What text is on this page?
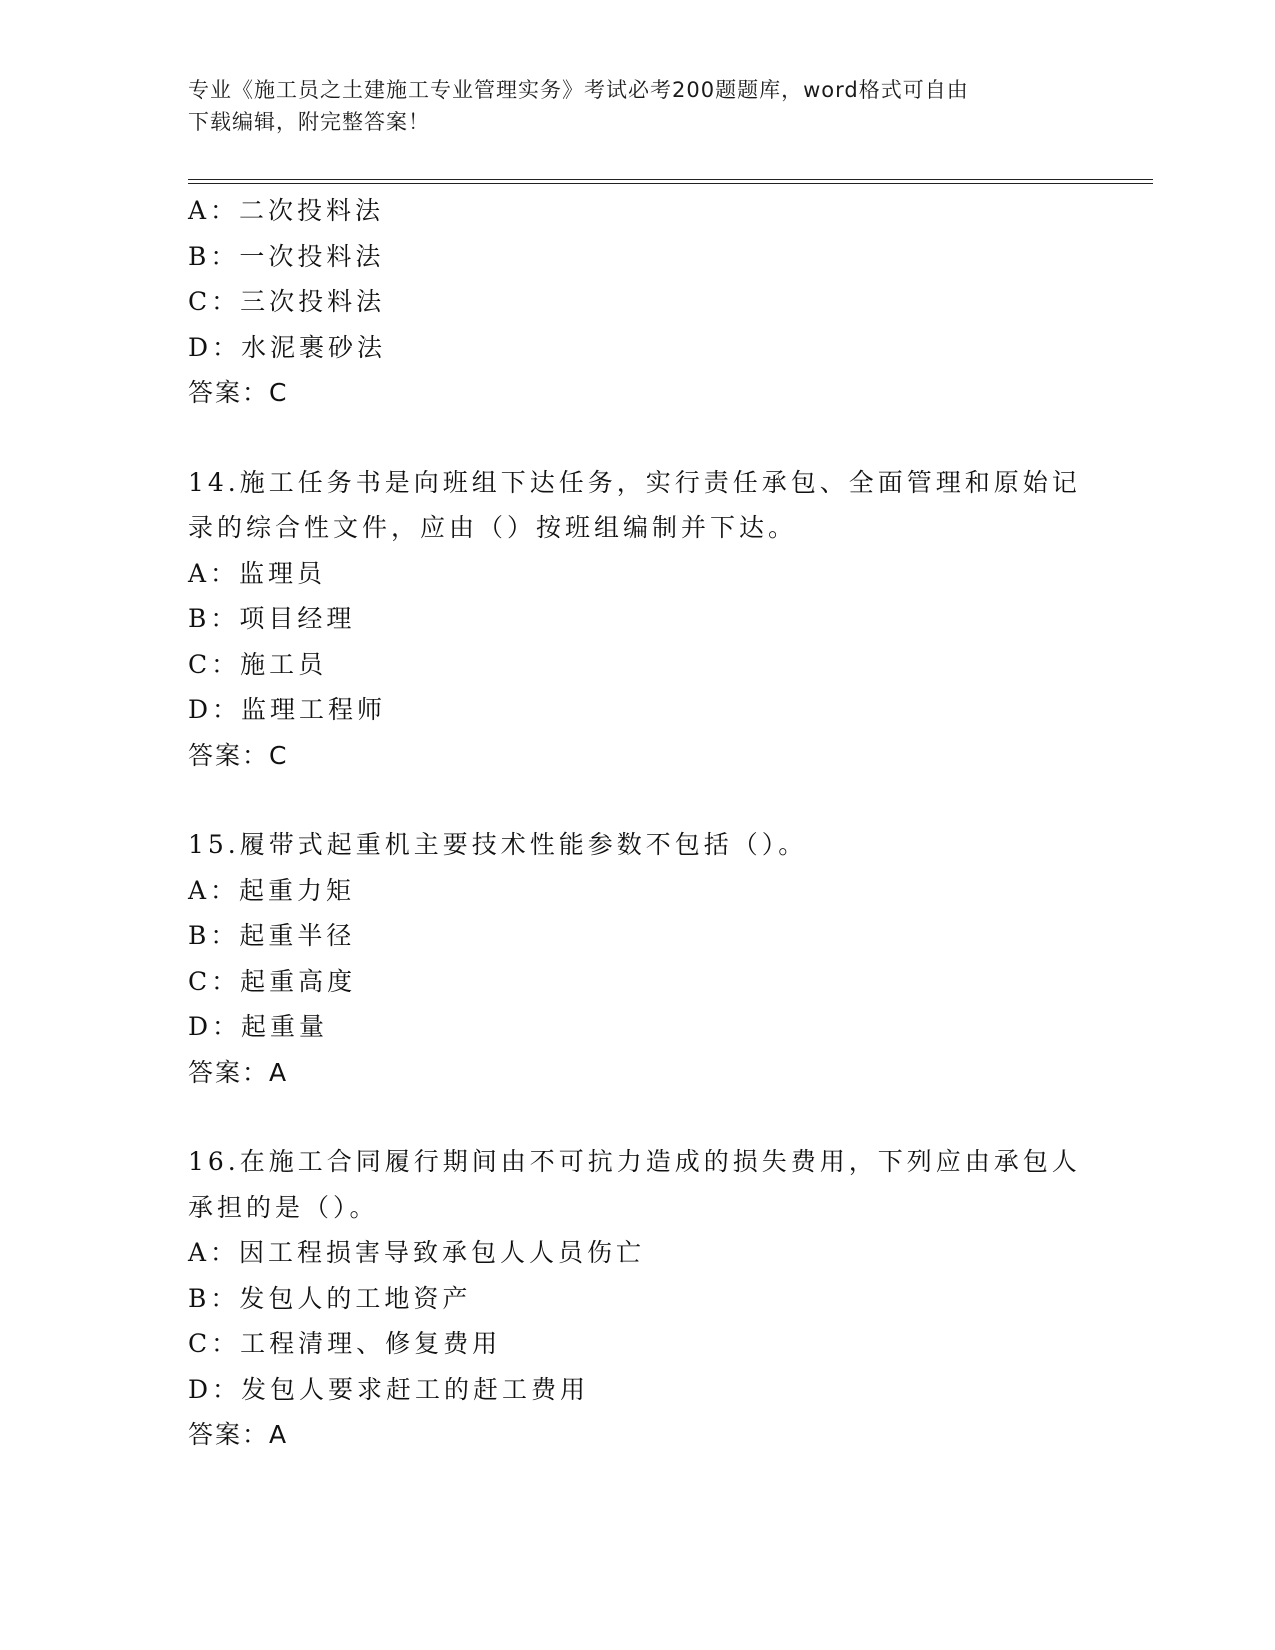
专业《施工员之土建施工专业管理实务》考试必考200题题库，word格式可自由
下载编辑，附完整答案！
A：二次投料法
B：一次投料法
C：三次投料法
D：水泥裹砂法
答案：C
14.施工任务书是向班组下达任务，实行责任承包、全面管理和原始记
录的综合性文件，应由（）按班组编制并下达。
A：监理员
B：项目经理
C：施工员
D：监理工程师
答案：C
15.履带式起重机主要技术性能参数不包括（）。
A：起重力矩
B：起重半径
C：起重高度
D：起重量
答案：A
16.在施工合同履行期间由不可抗力造成的损失费用，下列应由承包人
承担的是（）。
A：因工程损害导致承包人人员伤亡
B：发包人的工地资产
C：工程清理、修复费用
D：发包人要求赶工的赶工费用
答案：A
